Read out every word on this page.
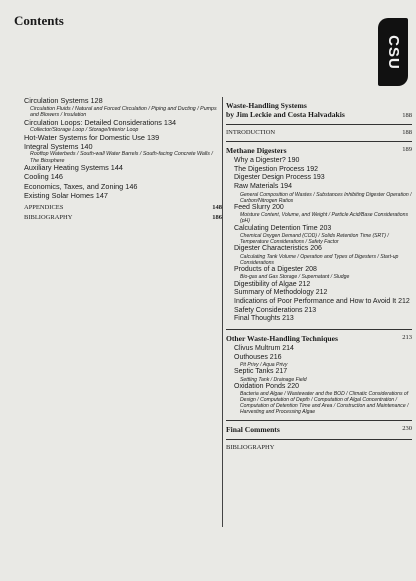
Contents
CSU
Circulation Systems 128
Circulation Fluids / Natural and Forced Circulation / Piping and Ducting / Pumps and Blowers / Insulation
Circulation Loops: Detailed Considerations 134
Collector/Storage Loop / Storage/Interior Loop
Hot-Water Systems for Domestic Use 139
Integral Systems 140
Rooftop Waterbeds / South-wall Water Barrels / South-facing Concrete Walls / The Biosphere
Auxiliary Heating Systems 144
Cooling 146
Economics, Taxes, and Zoning 146
Existing Solar Homes 147
APPENDICES	148
BIBLIOGRAPHY	186
Waste-Handling Systems
by Jim Leckie and Costa Halvadakis	188
INTRODUCTION	188
Methane Digesters	189
Why a Digester? 190
The Digestion Process 192
Digester Design Process 193
Raw Materials 194
General Composition of Wastes / Substances Inhibiting Digester Operation / Carbon/Nitrogen Ratios
Feed Slurry 200
Moisture Content, Volume, and Weight / Particle Acid/Base Considerations (pH)
Calculating Detention Time 203
Chemical Oxygen Demand (COD) / Solids Retention Time (SRT) / Temperature Considerations / Safety Factor
Digester Characteristics 206
Calculating Tank Volume / Operation and Types of Digesters / Start-up Considerations
Products of a Digester 208
Bio-gas and Gas Storage / Supernatant / Sludge
Digestibility of Algae 212
Summary of Methodology 212
Indications of Poor Performance and How to Avoid It 212
Safety Considerations 213
Final Thoughts 213
Other Waste-Handling Techniques	213
Clivus Multrum 214
Outhouses 216
Pit Privy / Aqua Privy
Septic Tanks 217
Settling Tank / Drainage Field
Oxidation Ponds 220
Bacteria and Algae / Wastewater and the BOD / Climatic Considerations of Design / Computation of Depth / Computation of Algal Concentration / Computation of Detention Time and Area / Construction and Maintenance / Harvesting and Processing Algae
Final Comments	230
BIBLIOGRAPHY
